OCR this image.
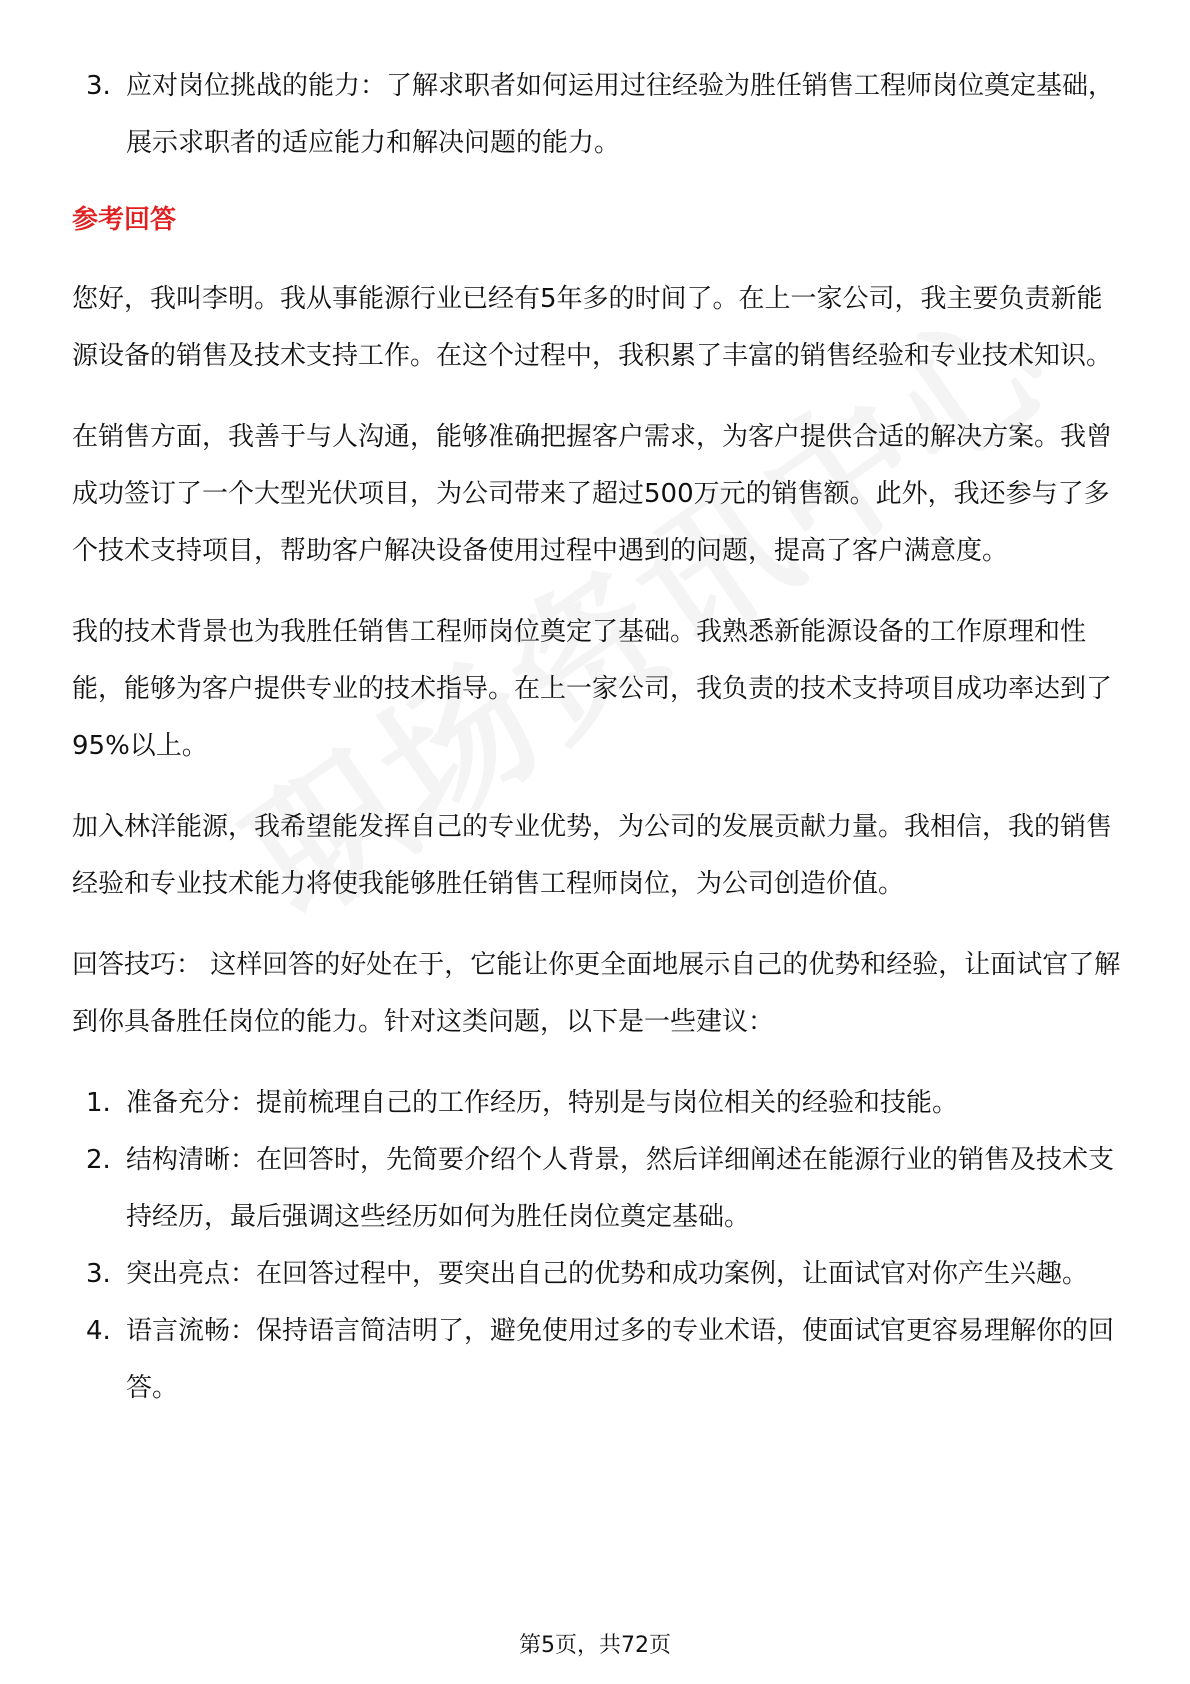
3. 应对岗位挑战的能力：了解求职者如何运用过往经验为胜任销售工程师岗位奠定基础，展示求职者的适应能力和解决问题的能力。
参考回答

您好，我叫李明。我从事能源行业已经有5年多的时间了。在上一家公司，我主要负责新能源设备的销售及技术支持工作。在这个过程中，我积累了丰富的销售经验和专业技术知识。

在销售方面，我善于与人沟通，能够准确把握客户需求，为客户提供合适的解决方案。我曾成功签订了一个大型光伏项目，为公司带来了超过500万元的销售额。此外，我还参与了多个技术支持项目，帮助客户解决设备使用过程中遇到的问题，提高了客户满意度。

我的技术背景也为我胜任销售工程师岗位奠定了基础。我熟悉新能源设备的工作原理和性能，能够为客户提供专业的技术指导。在上一家公司，我负责的技术支持项目成功率达到了95%以上。

加入林洋能源，我希望能发挥自己的专业优势，为公司的发展贡献力量。我相信，我的销售经验和专业技术能力将使我能够胜任销售工程师岗位，为公司创造价值。

回答技巧： 这样回答的好处在于，它能让你更全面地展示自己的优势和经验，让面试官了解到你具备胜任岗位的能力。针对这类问题，以下是一些建议：

1. 准备充分：提前梳理自己的工作经历，特别是与岗位相关的经验和技能。
2. 结构清晰：在回答时，先简要介绍个人背景，然后详细阐述在能源行业的销售及技术支持经历，最后强调这些经历如何为胜任岗位奠定基础。
3. 突出亮点：在回答过程中，要突出自己的优势和成功案例，让面试官对你产生兴趣。
4. 语言流畅：保持语言简洁明了，避免使用过多的专业术语，使面试官更容易理解你的回答。
第5页，共72页
